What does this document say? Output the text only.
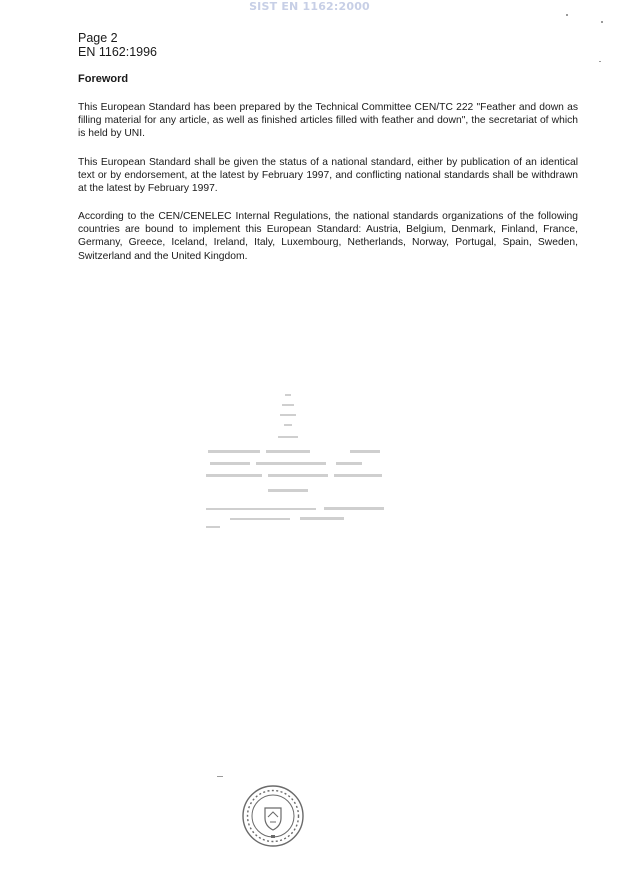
SIST EN 1162:2000
Page 2
EN 1162:1996
Foreword
This European Standard has been prepared by the Technical Committee CEN/TC 222 "Feather and down as filling material for any article, as well as finished articles filled with feather and down", the secretariat of which is held by UNI.
This European Standard shall be given the status of a national standard, either by publication of an identical text or by endorsement, at the latest by February 1997, and conflicting national standards shall be withdrawn at the latest by February 1997.
According to the CEN/CENELEC Internal Regulations, the national standards organizations of the following countries are bound to implement this European Standard: Austria, Belgium, Denmark, Finland, France, Germany, Greece, Iceland, Ireland, Italy, Luxembourg, Netherlands, Norway, Portugal, Spain, Sweden, Switzerland and the United Kingdom.
